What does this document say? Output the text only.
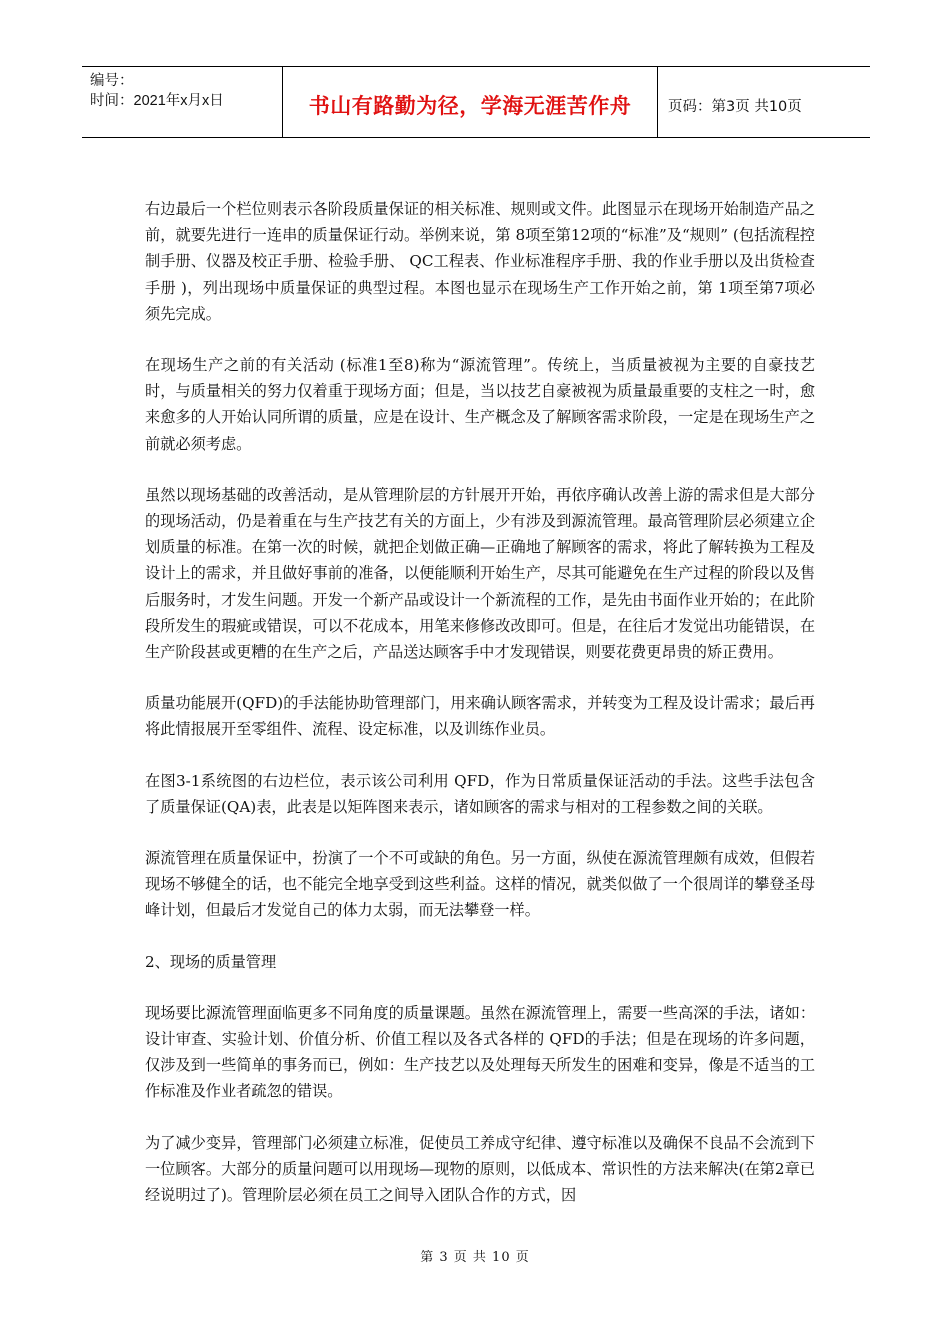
编号：
时间：2021年x月x日	书山有路勤为径，学海无涯苦作舟	页码：第3页 共10页

右边最后一个栏位则表示各阶段质量保证的相关标准、规则或文件。此图显示在现场开始制造产品之前，就要先进行一连串的质量保证行动。举例来说，第 8项至第12项的“标准”及“规则” (包括流程控制手册、仪器及校正手册、检验手册、 QC工程表、作业标准程序手册、我的作业手册以及出货检查手册 )，列出现场中质量保证的典型过程。本图也显示在现场生产工作开始之前，第 1项至第7项必须先完成。

在现场生产之前的有关活动 (标准1至8)称为“源流管理”。传统上，当质量被视为主要的自豪技艺时，与质量相关的努力仅着重于现场方面；但是，当以技艺自豪被视为质量最重要的支柱之一时，愈来愈多的人开始认同所谓的质量，应是在设计、生产概念及了解顾客需求阶段，一定是在现场生产之前就必须考虑。

虽然以现场基础的改善活动，是从管理阶层的方针展开开始，再依序确认改善上游的需求但是大部分的现场活动，仍是着重在与生产技艺有关的方面上，少有涉及到源流管理。最高管理阶层必须建立企划质量的标准。在第一次的时候，就把企划做正确—正确地了解顾客的需求，将此了解转换为工程及设计上的需求，并且做好事前的准备，以便能顺利开始生产，尽其可能避免在生产过程的阶段以及售后服务时，才发生问题。开发一个新产品或设计一个新流程的工作，是先由书面作业开始的；在此阶段所发生的瑕疵或错误，可以不花成本，用笔来修修改改即可。但是，在往后才发觉出功能错误，在生产阶段甚或更糟的在生产之后，产品送达顾客手中才发现错误，则要花费更昂贵的矫正费用。

质量功能展开(QFD)的手法能协助管理部门，用来确认顾客需求，并转变为工程及设计需求；最后再将此情报展开至零组件、流程、设定标准，以及训练作业员。

在图3-1系统图的右边栏位，表示该公司利用 QFD，作为日常质量保证活动的手法。这些手法包含了质量保证(QA)表，此表是以矩阵图来表示，诸如顾客的需求与相对的工程参数之间的关联。

源流管理在质量保证中，扮演了一个不可或缺的角色。另一方面，纵使在源流管理颇有成效，但假若现场不够健全的话，也不能完全地享受到这些利益。这样的情况，就类似做了一个很周详的攀登圣母峰计划，但最后才发觉自己的体力太弱，而无法攀登一样。

2、现场的质量管理

现场要比源流管理面临更多不同角度的质量课题。虽然在源流管理上，需要一些高深的手法，诸如：设计审查、实验计划、价值分析、价值工程以及各式各样的 QFD的手法；但是在现场的许多问题，仅涉及到一些简单的事务而已，例如：生产技艺以及处理每天所发生的困难和变异，像是不适当的工作标准及作业者疏忽的错误。

为了减少变异，管理部门必须建立标准，促使员工养成守纪律、遵守标准以及确保不良品不会流到下一位顾客。大部分的质量问题可以用现场—现物的原则，以低成本、常识性的方法来解决(在第2章已经说明过了)。管理阶层必须在员工之间导入团队合作的方式，因

第 3 页 共 10 页
